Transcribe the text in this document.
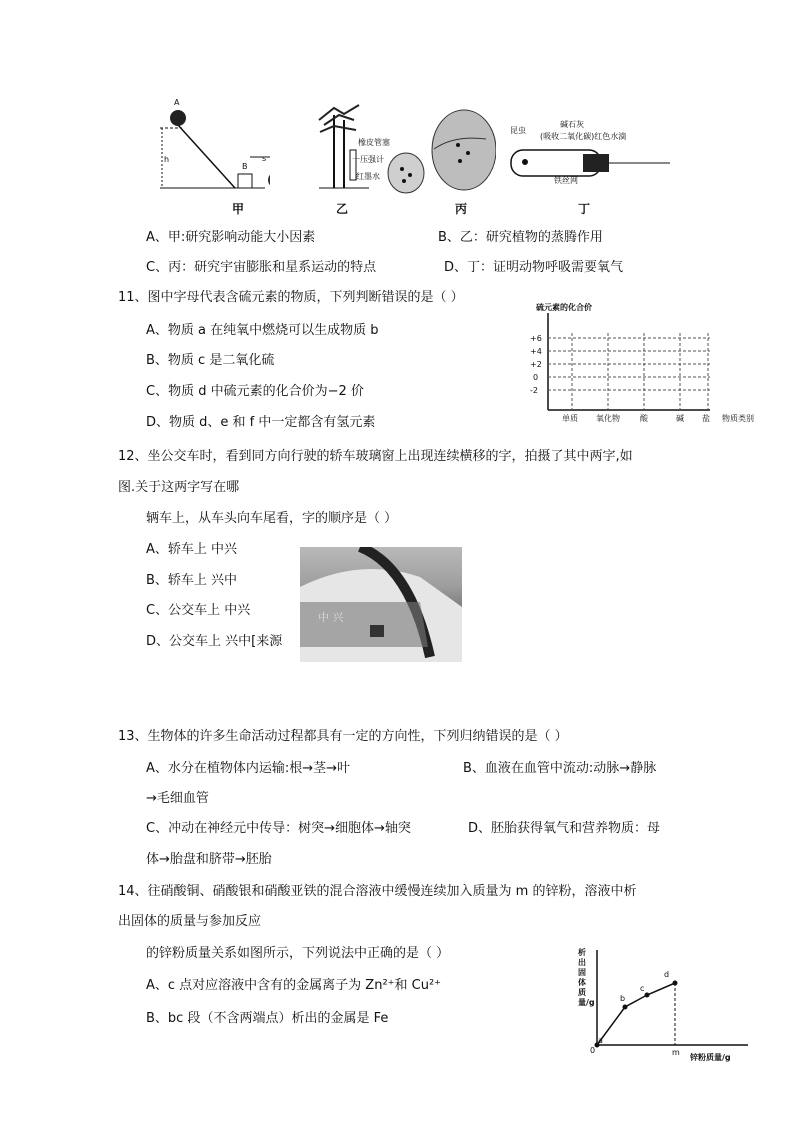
A
h
B
s
橡皮管塞
一压强计
红墨水
昆虫
碱石灰
(吸收二氧化碳)红色水滴
铁丝网
甲	乙	丙	丁
A、甲:研究影响动能大小因素	B、乙：研究植物的蒸腾作用
C、丙：研究宇宙膨胀和星系运动的特点	D、丁：证明动物呼吸需要氧气
11、图中字母代表含硫元素的物质，下列判断错误的是（ ）
A、物质 a 在纯氧中燃烧可以生成物质 b
B、物质 c 是二氧化硫
C、物质 d 中硫元素的化合价为−2 价
D、物质 d、e 和 f 中一定都含有氢元素
硫元素的化合价
+6
+4
+2
0
-2
单质 氧化物	酸	碱 盐 物质类别
12、坐公交车时，看到同方向行驶的轿车玻璃窗上出现连续横移的字，拍摄了其中两字,如
图.关于这两字写在哪
辆车上，从车头向车尾看，字的顺序是（ ）
A、轿车上 中兴
B、轿车上 兴中
C、公交车上 中兴
D、公交车上 兴中[来源
中 兴
13、生物体的许多生命活动过程都具有一定的方向性，下列归纳错误的是（ ）
A、水分在植物体内运输:根→茎→叶	B、血液在血管中流动:动脉→静脉
→毛细血管
C、冲动在神经元中传导：树突→细胞体→轴突	D、胚胎获得氧气和营养物质：母
体→胎盘和脐带→胚胎
14、往硝酸铜、硝酸银和硝酸亚铁的混合溶液中缓慢连续加入质量为 m 的锌粉，溶液中析
出固体的质量与参加反应
的锌粉质量关系如图所示，下列说法中正确的是（ ）
A、c 点对应溶液中含有的金属离子为 Zn²⁺和 Cu²⁺
B、bc 段（不含两端点）析出的金属是 Fe
析出固体质量/g
a
b
c
d
0	m
锌粉质量/g
